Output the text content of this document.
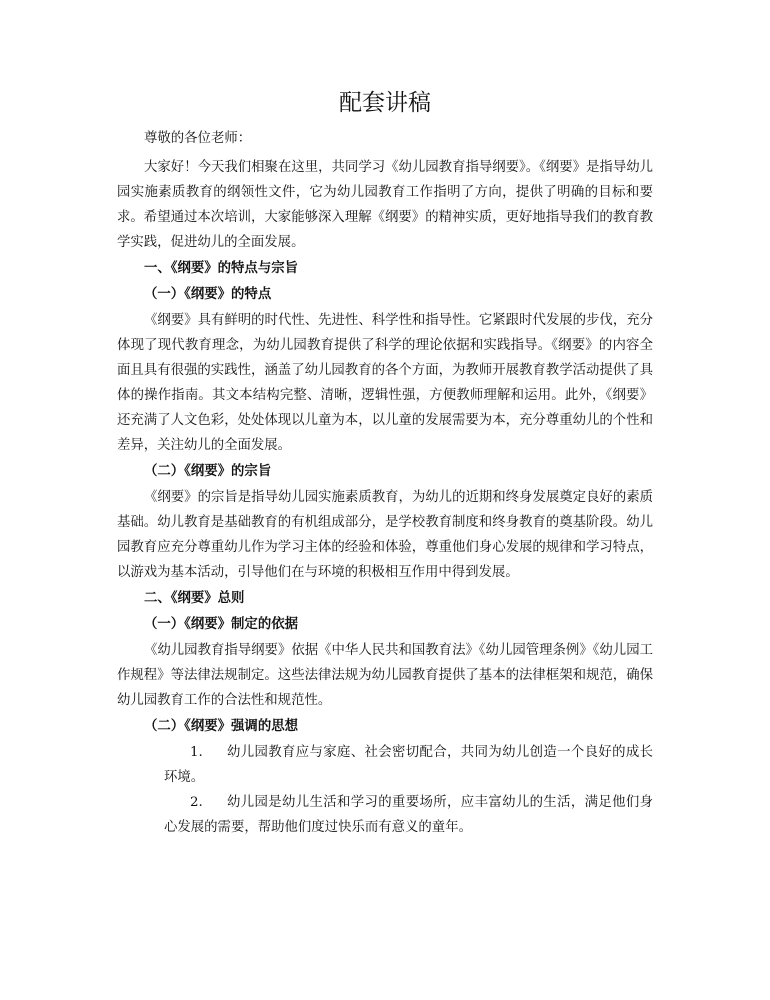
配套讲稿

尊敬的各位老师：

大家好！今天我们相聚在这里，共同学习《幼儿园教育指导纲要》。《纲要》是指导幼儿园实施素质教育的纲领性文件，它为幼儿园教育工作指明了方向，提供了明确的目标和要求。希望通过本次培训，大家能够深入理解《纲要》的精神实质，更好地指导我们的教育教学实践，促进幼儿的全面发展。

一、《纲要》的特点与宗旨

（一）《纲要》的特点

《纲要》具有鲜明的时代性、先进性、科学性和指导性。它紧跟时代发展的步伐，充分体现了现代教育理念，为幼儿园教育提供了科学的理论依据和实践指导。《纲要》的内容全面且具有很强的实践性，涵盖了幼儿园教育的各个方面，为教师开展教育教学活动提供了具体的操作指南。其文本结构完整、清晰，逻辑性强，方便教师理解和运用。此外，《纲要》还充满了人文色彩，处处体现以儿童为本，以儿童的发展需要为本，充分尊重幼儿的个性和差异，关注幼儿的全面发展。

（二）《纲要》的宗旨

《纲要》的宗旨是指导幼儿园实施素质教育，为幼儿的近期和终身发展奠定良好的素质基础。幼儿教育是基础教育的有机组成部分，是学校教育制度和终身教育的奠基阶段。幼儿园教育应充分尊重幼儿作为学习主体的经验和体验，尊重他们身心发展的规律和学习特点，以游戏为基本活动，引导他们在与环境的积极相互作用中得到发展。

二、《纲要》总则

（一）《纲要》制定的依据

《幼儿园教育指导纲要》依据《中华人民共和国教育法》《幼儿园管理条例》《幼儿园工作规程》等法律法规制定。这些法律法规为幼儿园教育提供了基本的法律框架和规范，确保幼儿园教育工作的合法性和规范性。

（二）《纲要》强调的思想

1.	幼儿园教育应与家庭、社会密切配合，共同为幼儿创造一个良好的成长环境。

2.	幼儿园是幼儿生活和学习的重要场所，应丰富幼儿的生活，满足他们身心发展的需要，帮助他们度过快乐而有意义的童年。
